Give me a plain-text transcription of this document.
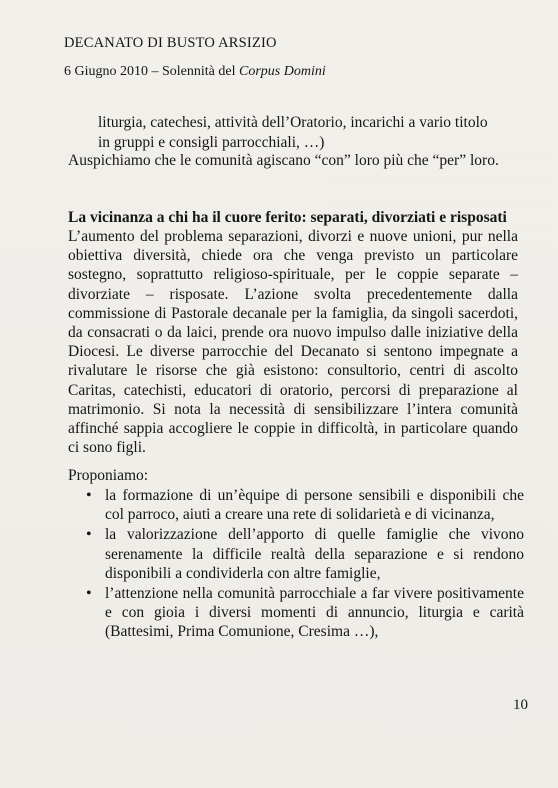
DECANATO DI BUSTO ARSIZIO
6 Giugno 2010 – Solennità del Corpus Domini
liturgia, catechesi, attività dell’Oratorio, incarichi a vario titolo
in gruppi e consigli parrocchiali, …)
Auspichiamo che le comunità agiscano “con” loro più che “per” loro.
La vicinanza a chi ha il cuore ferito: separati, divorziati e risposati
L’aumento del problema separazioni, divorzi e nuove unioni, pur nella obiettiva diversità, chiede ora che venga previsto un particolare sostegno, soprattutto religioso-spirituale, per le coppie separate – divorziate – risposate. L’azione svolta precedentemente dalla commissione di Pastorale decanale per la famiglia, da singoli sacerdoti, da consacrati o da laici, prende ora nuovo impulso dalle iniziative della Diocesi. Le diverse parrocchie del Decanato si sentono impegnate a rivalutare le risorse che già esistono: consultorio, centri di ascolto Caritas, catechisti, educatori di oratorio, percorsi di preparazione al matrimonio. Si nota la necessità di sensibilizzare l’intera comunità affinché sappia accogliere le coppie in difficoltà, in particolare quando ci sono figli.
Proponiamo:
• la formazione di un’èquipe di persone sensibili e disponibili che col parroco, aiuti a creare una rete di solidarietà e di vicinanza,
• la valorizzazione dell’apporto di quelle famiglie che vivono serenamente la difficile realtà della separazione e si rendono disponibili a condividerla con altre famiglie,
• l’attenzione nella comunità parrocchiale a far vivere positivamente e con gioia i diversi momenti di annuncio, liturgia e carità (Battesimi, Prima Comunione, Cresima …),
10
